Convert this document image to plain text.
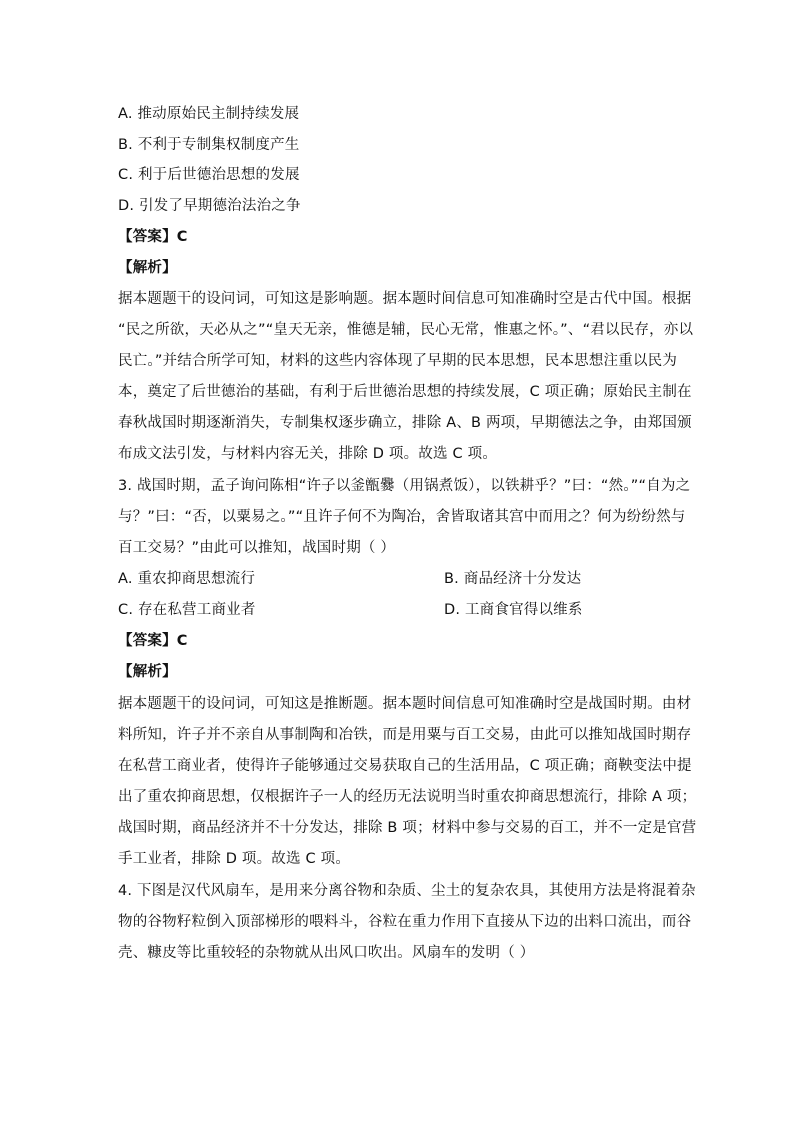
A. 推动原始民主制持续发展
B. 不利于专制集权制度产生
C. 利于后世德治思想的发展
D. 引发了早期德治法治之争
【答案】C
【解析】
据本题题干的设问词，可知这是影响题。据本题时间信息可知准确时空是古代中国。根据
“民之所欲，天必从之”“皇天无亲，惟德是辅，民心无常，惟惠之怀。”、“君以民存，亦以
民亡。”并结合所学可知，材料的这些内容体现了早期的民本思想，民本思想注重以民为
本，奠定了后世德治的基础，有利于后世德治思想的持续发展，C 项正确；原始民主制在
春秋战国时期逐渐消失，专制集权逐步确立，排除 A、B 两项，早期德法之争，由郑国颁
布成文法引发，与材料内容无关，排除 D 项。故选 C 项。
3. 战国时期，孟子询问陈相“许子以釜甑爨（用锅煮饭），以铁耕乎？”曰：“然。”“自为之
与？”曰：“否，以粟易之。”“且许子何不为陶冶，舍皆取诸其宫中而用之？何为纷纷然与
百工交易？”由此可以推知，战国时期（ ）
A. 重农抑商思想流行	B. 商品经济十分发达
C. 存在私营工商业者	D. 工商食官得以维系
【答案】C
【解析】
据本题题干的设问词，可知这是推断题。据本题时间信息可知准确时空是战国时期。由材
料所知，许子并不亲自从事制陶和冶铁，而是用粟与百工交易，由此可以推知战国时期存
在私营工商业者，使得许子能够通过交易获取自己的生活用品，C 项正确；商鞅变法中提
出了重农抑商思想，仅根据许子一人的经历无法说明当时重农抑商思想流行，排除 A 项；
战国时期，商品经济并不十分发达，排除 B 项；材料中参与交易的百工，并不一定是官营
手工业者，排除 D 项。故选 C 项。
4. 下图是汉代风扇车，是用来分离谷物和杂质、尘土的复杂农具，其使用方法是将混着杂
物的谷物籽粒倒入顶部梯形的喂料斗，谷粒在重力作用下直接从下边的出料口流出，而谷
壳、糠皮等比重较轻的杂物就从出风口吹出。风扇车的发明（ ）
